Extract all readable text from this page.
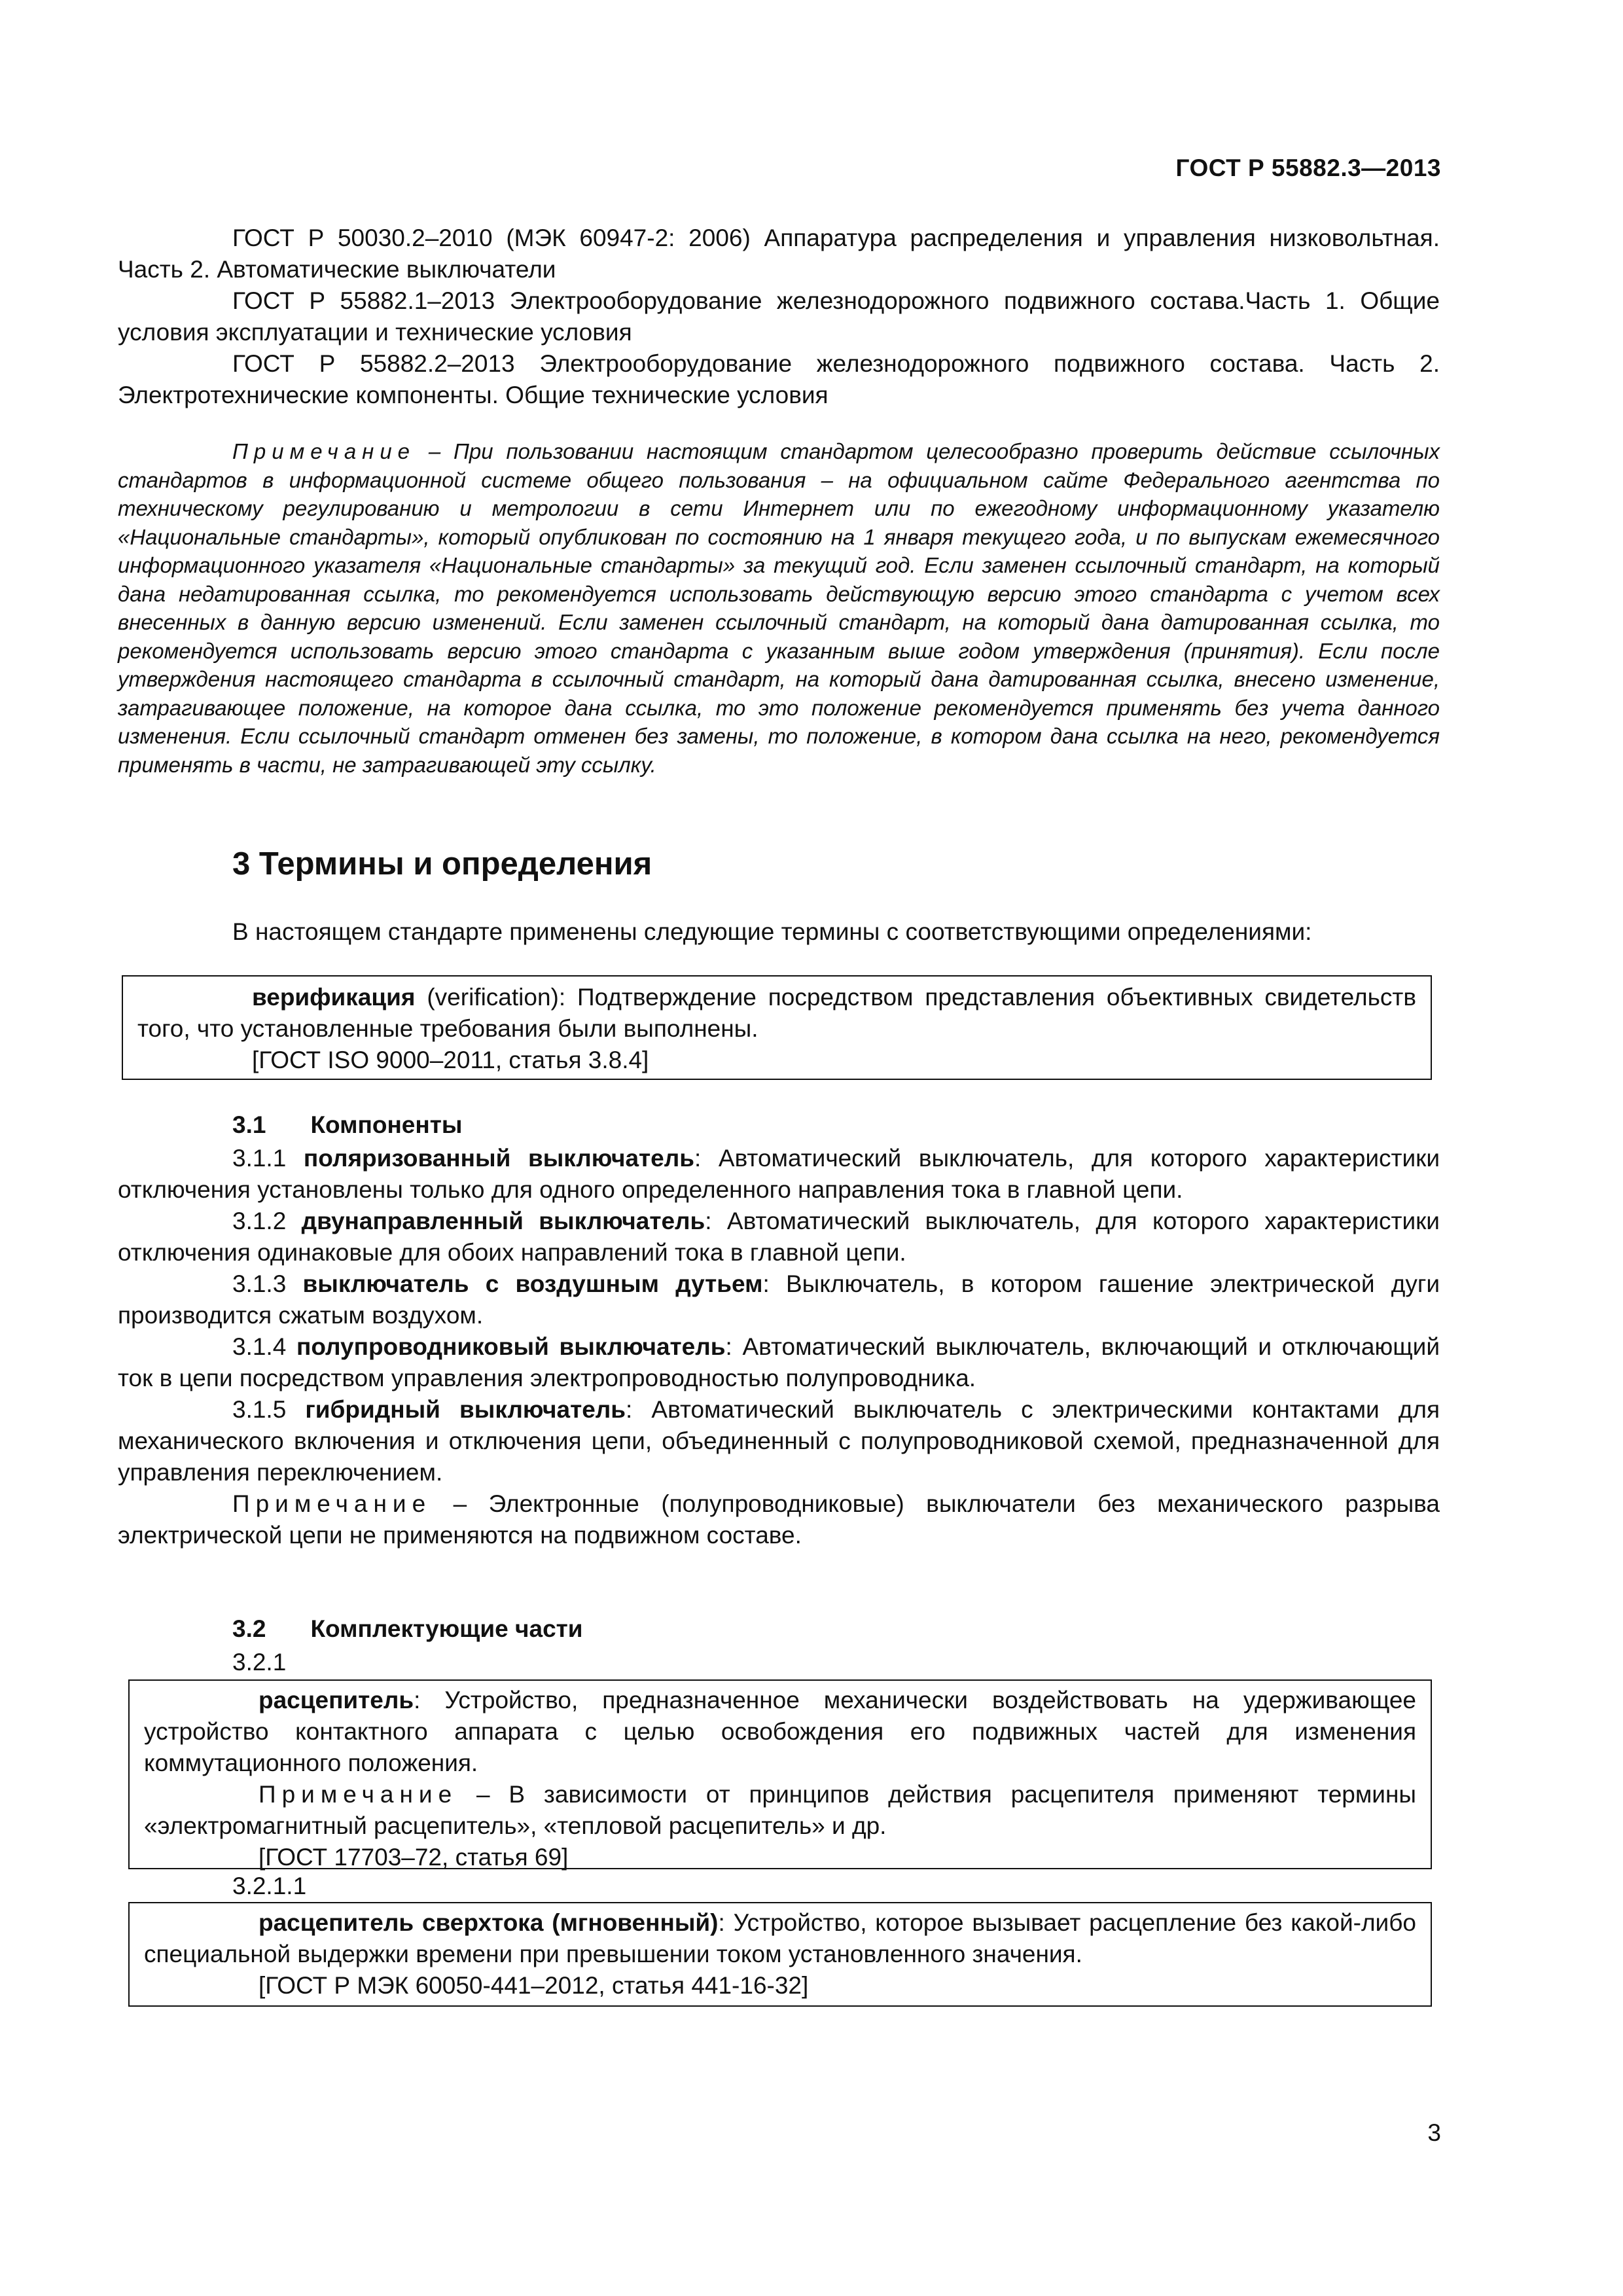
ГОСТ Р 55882.3—2013

ГОСТ Р 50030.2–2010 (МЭК 60947-2: 2006) Аппаратура распределения и управления низковольтная. Часть 2. Автоматические выключатели

ГОСТ Р 55882.1–2013 Электрооборудование железнодорожного подвижного состава.Часть 1. Общие условия эксплуатации и технические условия

ГОСТ Р 55882.2–2013 Электрооборудование железнодорожного подвижного состава. Часть 2. Электротехнические компоненты. Общие технические условия

Примечание – При пользовании настоящим стандартом целесообразно проверить действие ссылочных стандартов в информационной системе общего пользования – на официальном сайте Федерального агентства по техническому регулированию и метрологии в сети Интернет или по ежегодному информационному указателю «Национальные стандарты», который опубликован по состоянию на 1 января текущего года, и по выпускам ежемесячного информационного указателя «Национальные стандарты» за текущий год. Если заменен ссылочный стандарт, на который дана недатированная ссылка, то рекомендуется использовать действующую версию этого стандарта с учетом всех внесенных в данную версию изменений. Если заменен ссылочный стандарт, на который дана датированная ссылка, то рекомендуется использовать версию этого стандарта с указанным выше годом утверждения (принятия). Если после утверждения настоящего стандарта в ссылочный стандарт, на который дана датированная ссылка, внесено изменение, затрагивающее положение, на которое дана ссылка, то это положение рекомендуется применять без учета данного изменения. Если ссылочный стандарт отменен без замены, то положение, в котором дана ссылка на него, рекомендуется применять в части, не затрагивающей эту ссылку.
3 Термины и определения

В настоящем стандарте применены следующие термины с соответствующими определениями:

верификация (verification): Подтверждение посредством представления объективных свидетельств того, что установленные требования были выполнены.

[ГОСТ ISO 9000–2011, статья 3.8.4]

3.1 Компоненты

3.1.1 поляризованный выключатель: Автоматический выключатель, для которого характеристики отключения установлены только для одного определенного направления тока в главной цепи.

3.1.2 двунаправленный выключатель: Автоматический выключатель, для которого характеристики отключения одинаковые для обоих направлений тока в главной цепи.

3.1.3 выключатель с воздушным дутьем: Выключатель, в котором гашение электрической дуги производится сжатым воздухом.

3.1.4 полупроводниковый выключатель: Автоматический выключатель, включающий и отключающий ток в цепи посредством управления электропроводностью полупроводника.

3.1.5 гибридный выключатель: Автоматический выключатель с электрическими контактами для механического включения и отключения цепи, объединенный с полупроводниковой схемой, предназначенной для управления переключением.

Примечание – Электронные (полупроводниковые) выключатели без механического разрыва электрической цепи не применяются на подвижном составе.

3.2 Комплектующие части
3.2.1

расцепитель: Устройство, предназначенное механически воздействовать на удерживающее устройство контактного аппарата с целью освобождения его подвижных частей для изменения коммутационного положения.

Примечание – В зависимости от принципов действия расцепителя применяют термины «электромагнитный расцепитель», «тепловой расцепитель» и др.

[ГОСТ 17703–72, статья 69]

3.2.1.1

расцепитель сверхтока (мгновенный): Устройство, которое вызывает расцепление без какой-либо специальной выдержки времени при превышении током установленного значения.

[ГОСТ Р МЭК 60050-441–2012, статья 441-16-32]

3
